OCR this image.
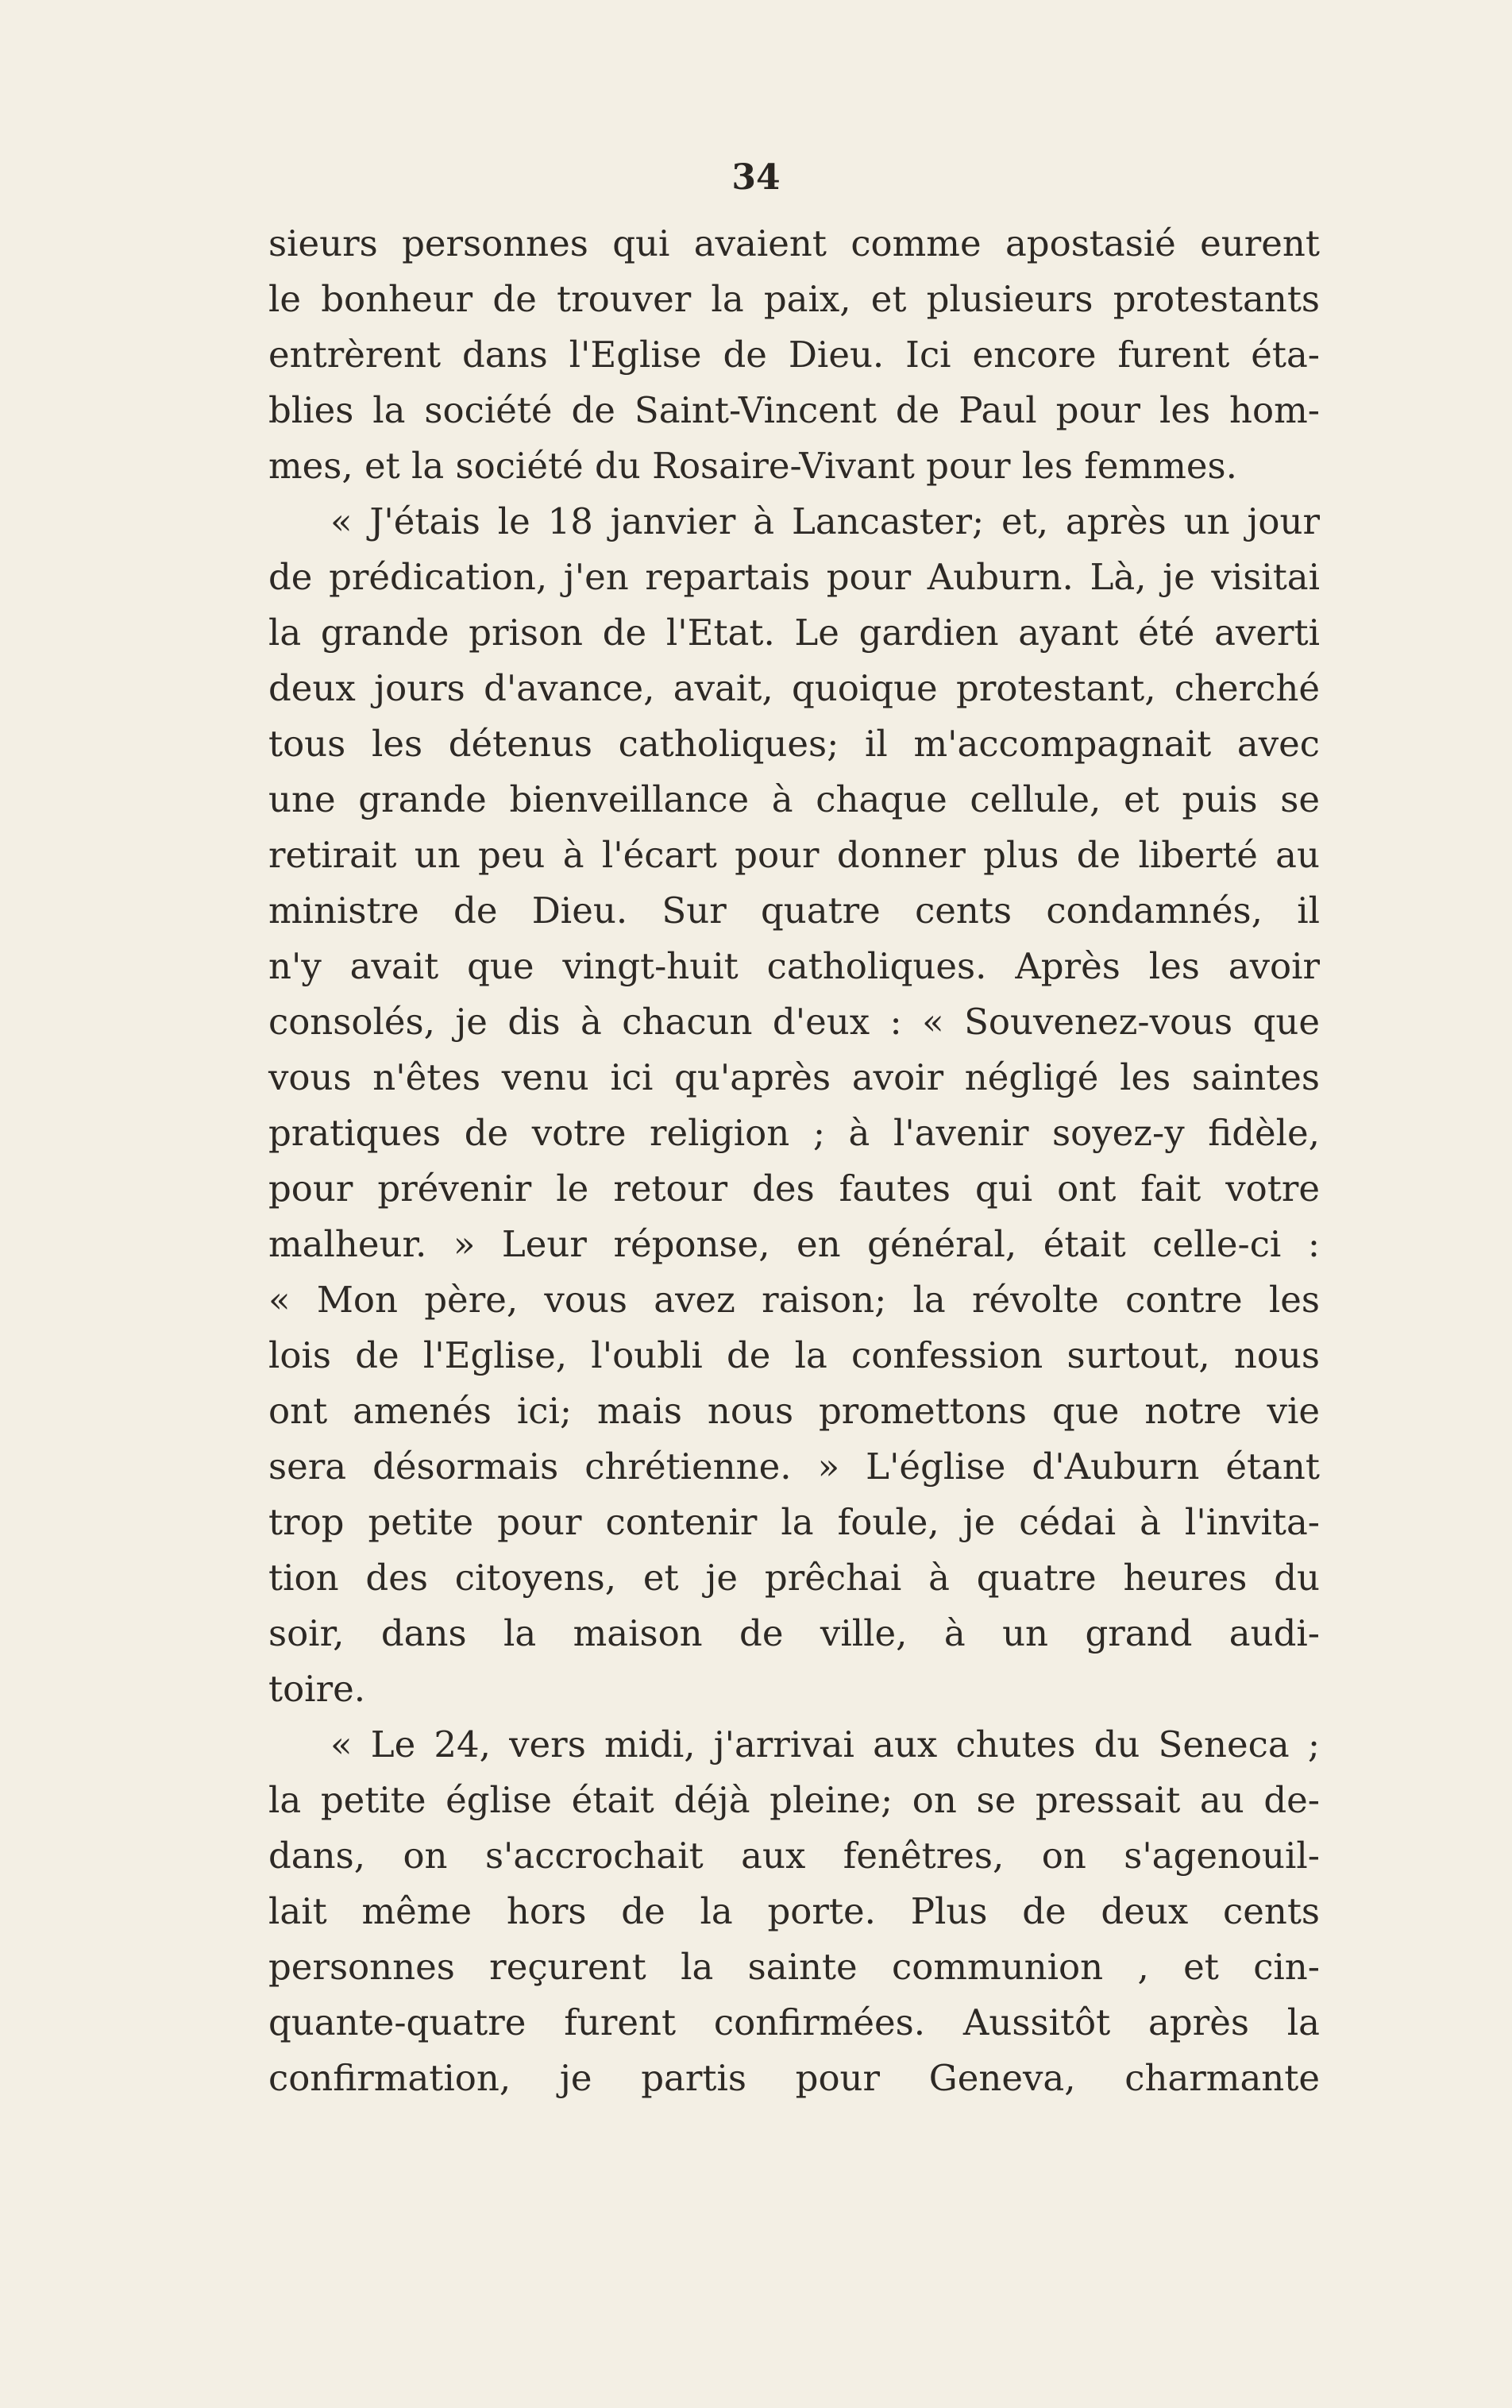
34
sieurs personnes qui avaient comme apostasié eurent
le bonheur de trouver la paix, et plusieurs protestants
entrèrent dans l'Eglise de Dieu. Ici encore furent éta-
blies la société de Saint-Vincent de Paul pour les hom-
mes, et la société du Rosaire-Vivant pour les femmes.
« J'étais le 18 janvier à Lancaster; et, après un jour
de prédication, j'en repartais pour Auburn. Là, je visitai
la grande prison de l'Etat. Le gardien ayant été averti
deux jours d'avance, avait, quoique protestant, cherché
tous les détenus catholiques; il m'accompagnait avec
une grande bienveillance à chaque cellule, et puis se
retirait un peu à l'écart pour donner plus de liberté au
ministre de Dieu. Sur quatre cents condamnés, il
n'y avait que vingt-huit catholiques. Après les avoir
consolés, je dis à chacun d'eux : « Souvenez-vous que
vous n'êtes venu ici qu'après avoir négligé les saintes
pratiques de votre religion ; à l'avenir soyez-y fidèle,
pour prévenir le retour des fautes qui ont fait votre
malheur. » Leur réponse, en général, était celle-ci :
« Mon père, vous avez raison; la révolte contre les
lois de l'Eglise, l'oubli de la confession surtout, nous
ont amenés ici; mais nous promettons que notre vie
sera désormais chrétienne. » L'église d'Auburn étant
trop petite pour contenir la foule, je cédai à l'invita-
tion des citoyens, et je prêchai à quatre heures du
soir, dans la maison de ville, à un grand audi-
toire.
« Le 24, vers midi, j'arrivai aux chutes du Seneca ;
la petite église était déjà pleine; on se pressait au de-
dans, on s'accrochait aux fenêtres, on s'agenouil-
lait même hors de la porte. Plus de deux cents
personnes reçurent la sainte communion , et cin-
quante-quatre furent confirmées. Aussitôt après la
confirmation, je partis pour Geneva, charmante
